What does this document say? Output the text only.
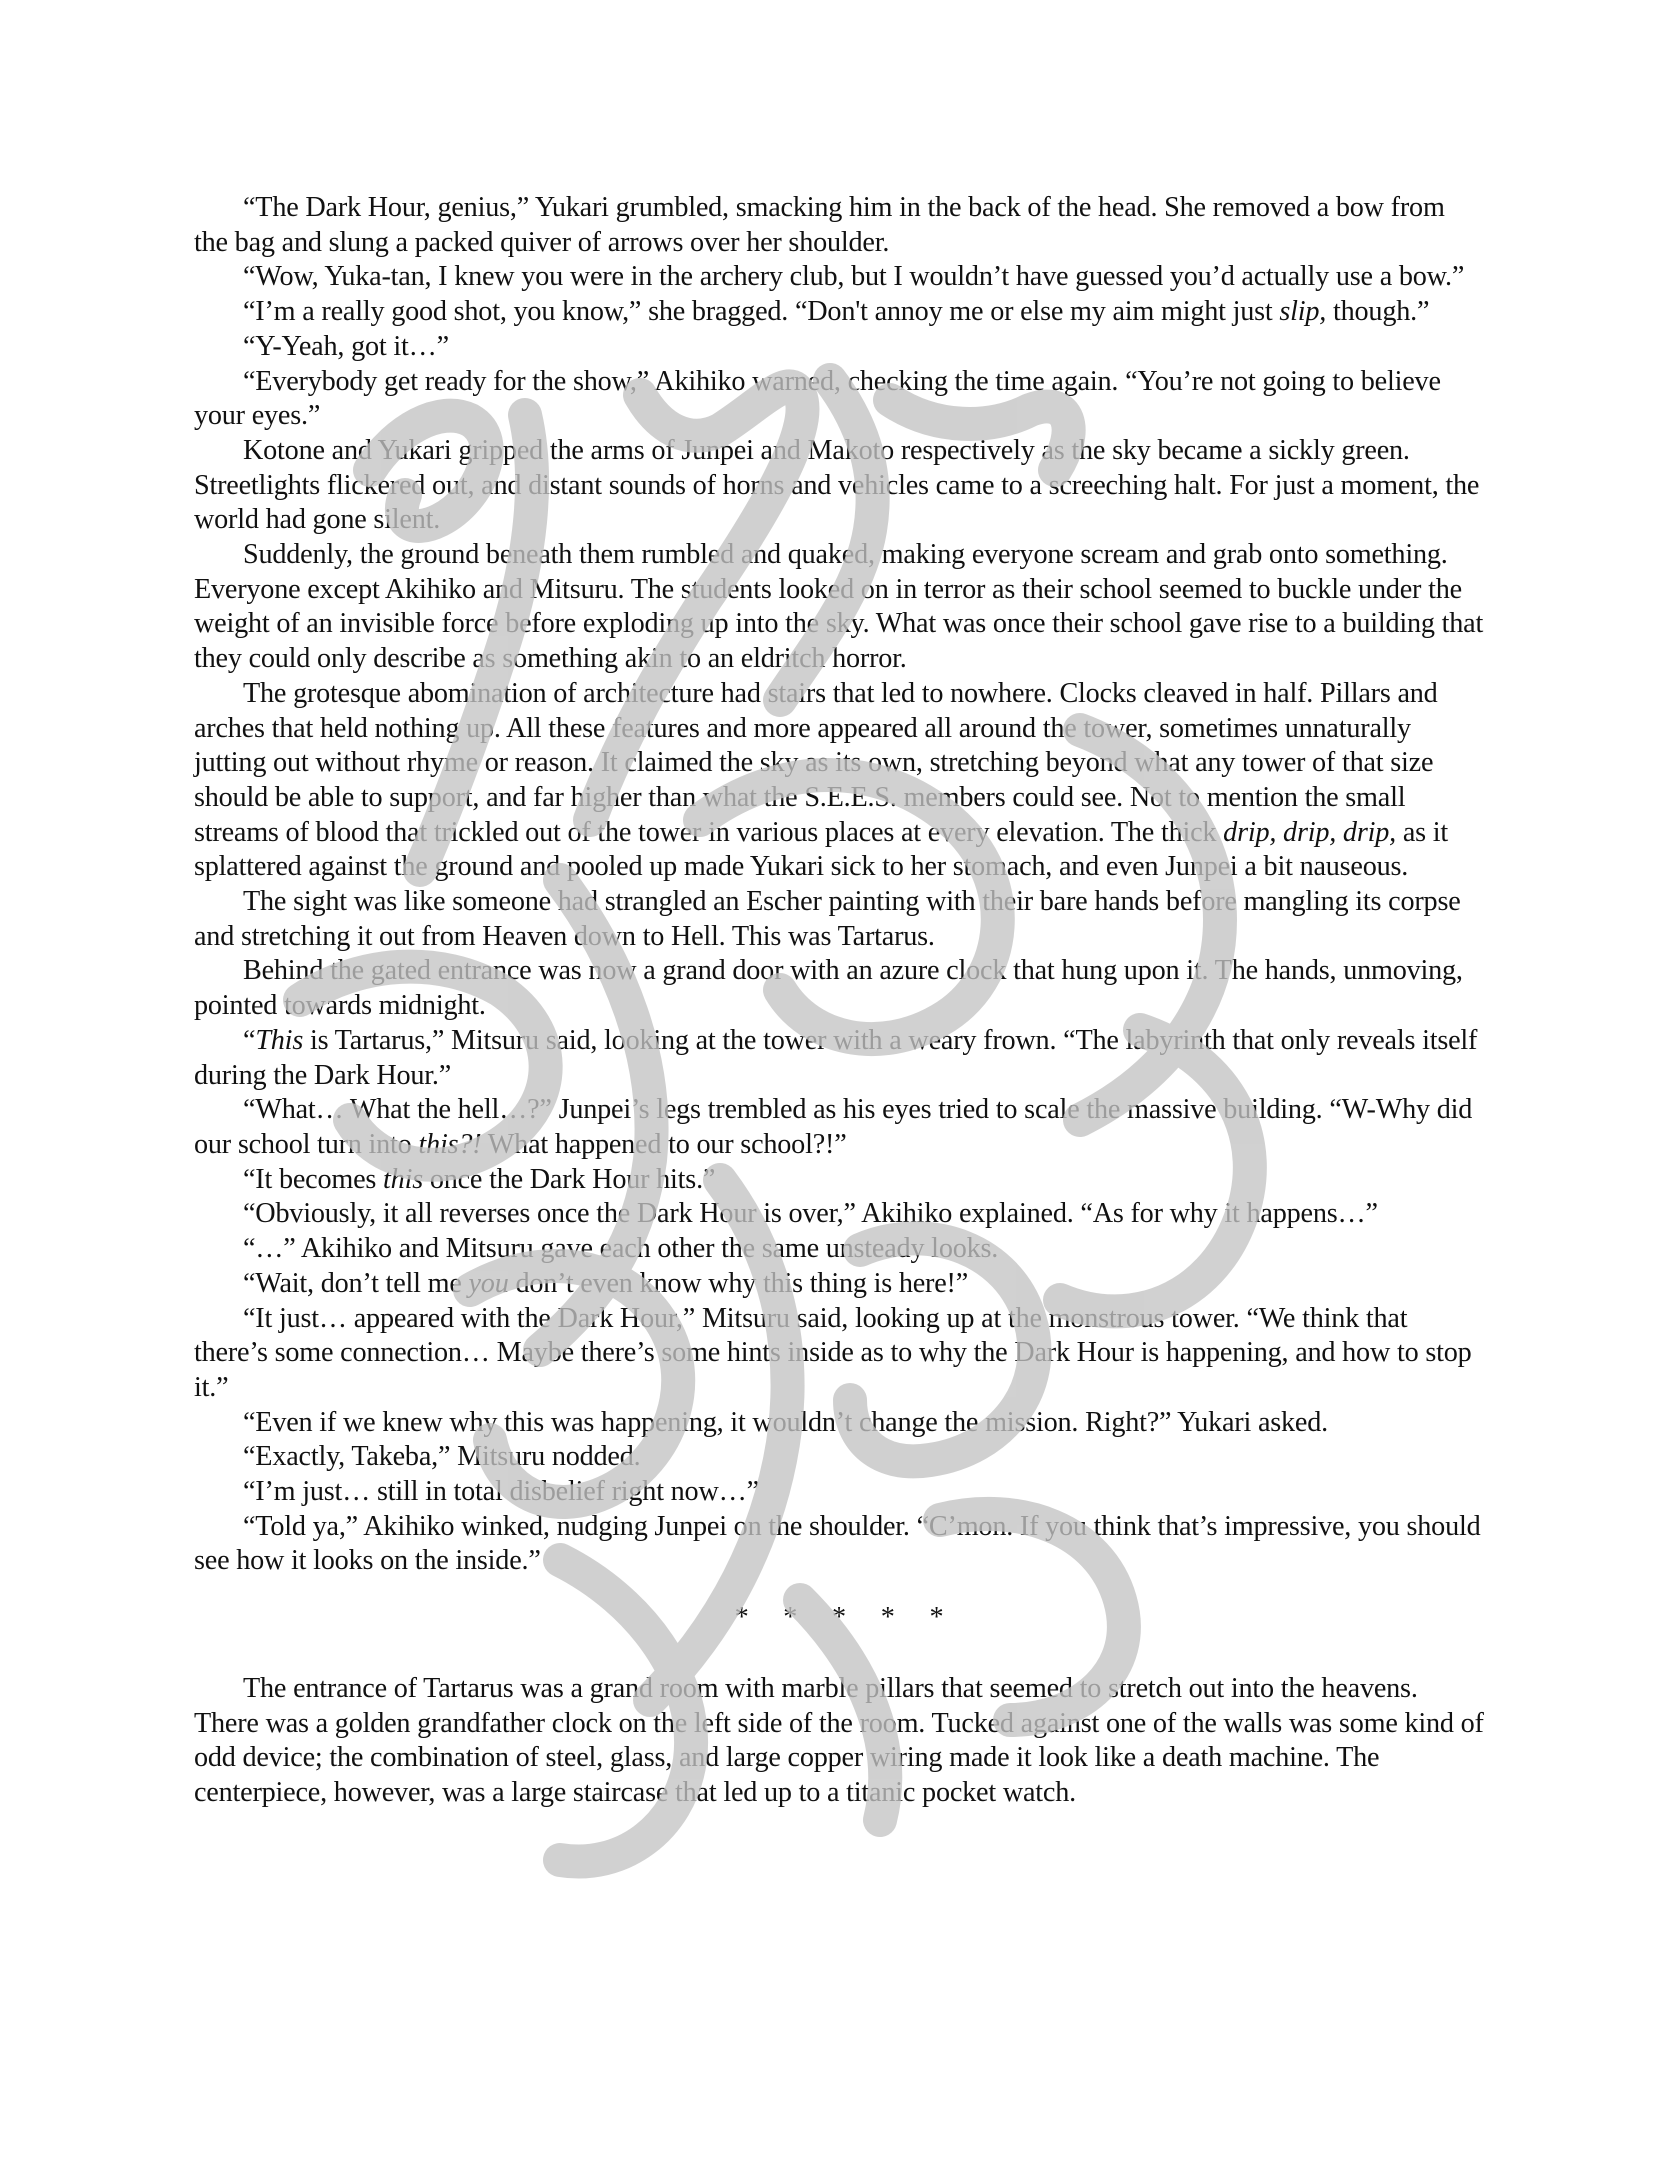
“The Dark Hour, genius,” Yukari grumbled, smacking him in the back of the head. She removed a bow from the bag and slung a packed quiver of arrows over her shoulder.

“Wow, Yuka-tan, I knew you were in the archery club, but I wouldn’t have guessed you’d actually use a bow.”

“I’m a really good shot, you know,” she bragged. “Don't annoy me or else my aim might just slip, though.”

“Y-Yeah, got it…”

“Everybody get ready for the show,” Akihiko warned, checking the time again. “You’re not going to believe your eyes.”

Kotone and Yukari gripped the arms of Junpei and Makoto respectively as the sky became a sickly green. Streetlights flickered out, and distant sounds of horns and vehicles came to a screeching halt. For just a moment, the world had gone silent.

Suddenly, the ground beneath them rumbled and quaked, making everyone scream and grab onto something. Everyone except Akihiko and Mitsuru. The students looked on in terror as their school seemed to buckle under the weight of an invisible force before exploding up into the sky. What was once their school gave rise to a building that they could only describe as something akin to an eldritch horror.

The grotesque abomination of architecture had stairs that led to nowhere. Clocks cleaved in half. Pillars and arches that held nothing up. All these features and more appeared all around the tower, sometimes unnaturally jutting out without rhyme or reason. It claimed the sky as its own, stretching beyond what any tower of that size should be able to support, and far higher than what the S.E.E.S. members could see. Not to mention the small streams of blood that trickled out of the tower in various places at every elevation. The thick drip, drip, drip, as it splattered against the ground and pooled up made Yukari sick to her stomach, and even Junpei a bit nauseous.

The sight was like someone had strangled an Escher painting with their bare hands before mangling its corpse and stretching it out from Heaven down to Hell. This was Tartarus.

Behind the gated entrance was now a grand door with an azure clock that hung upon it. The hands, unmoving, pointed towards midnight.

“This is Tartarus,” Mitsuru said, looking at the tower with a weary frown. “The labyrinth that only reveals itself during the Dark Hour.”

“What… What the hell…?” Junpei’s legs trembled as his eyes tried to scale the massive building. “W-Why did our school turn into this?! What happened to our school?!”

“It becomes this once the Dark Hour hits.”

“Obviously, it all reverses once the Dark Hour is over,” Akihiko explained. “As for why it happens…”

“…” Akihiko and Mitsuru gave each other the same unsteady looks.

“Wait, don’t tell me you don’t even know why this thing is here!”

“It just… appeared with the Dark Hour,” Mitsuru said, looking up at the monstrous tower. “We think that there’s some connection… Maybe there’s some hints inside as to why the Dark Hour is happening, and how to stop it.”

“Even if we knew why this was happening, it wouldn’t change the mission. Right?” Yukari asked.

“Exactly, Takeba,” Mitsuru nodded.

“I’m just… still in total disbelief right now…”

“Told ya,” Akihiko winked, nudging Junpei on the shoulder. “C’mon. If you think that’s impressive, you should see how it looks on the inside.”

* * * * *

The entrance of Tartarus was a grand room with marble pillars that seemed to stretch out into the heavens. There was a golden grandfather clock on the left side of the room. Tucked against one of the walls was some kind of odd device; the combination of steel, glass, and large copper wiring made it look like a death machine. The centerpiece, however, was a large staircase that led up to a titanic pocket watch.
